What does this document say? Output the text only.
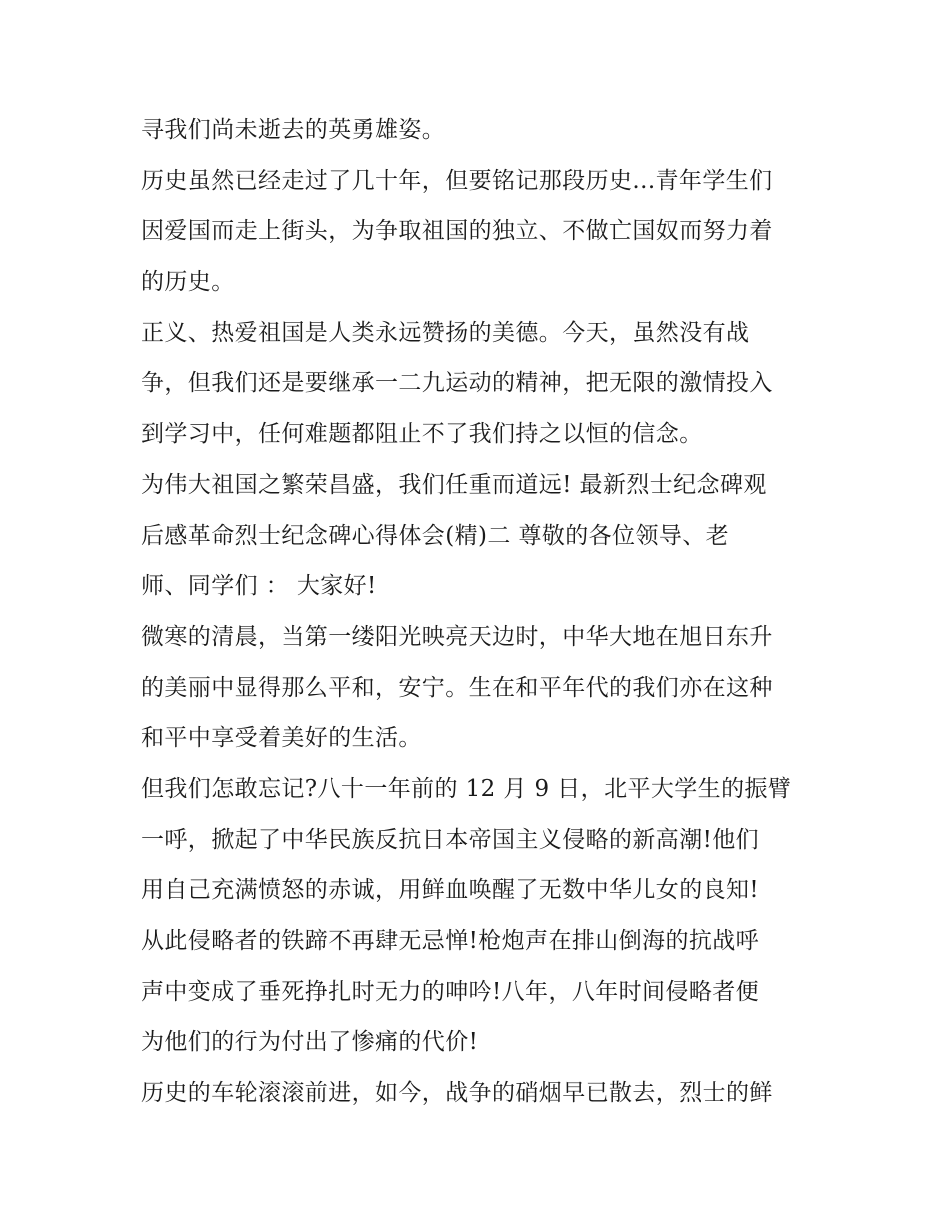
寻我们尚未逝去的英勇雄姿。
历史虽然已经走过了几十年，但要铭记那段历史...青年学生们
因爱国而走上街头，为争取祖国的独立、不做亡国奴而努力着
的历史。
正义、热爱祖国是人类永远赞扬的美德。今天，虽然没有战
争，但我们还是要继承一二九运动的精神，把无限的激情投入
到学习中，任何难题都阻止不了我们持之以恒的信念。
为伟大祖国之繁荣昌盛，我们任重而道远! 最新烈士纪念碑观
后感革命烈士纪念碑心得体会(精)二 尊敬的各位领导、老
师、同学们 ： 大家好!
微寒的清晨，当第一缕阳光映亮天边时，中华大地在旭日东升
的美丽中显得那么平和，安宁。生在和平年代的我们亦在这种
和平中享受着美好的生活。
但我们怎敢忘记?八十一年前的 12 月 9 日，北平大学生的振臂
一呼，掀起了中华民族反抗日本帝国主义侵略的新高潮!他们
用自己充满愤怒的赤诚，用鲜血唤醒了无数中华儿女的良知!
从此侵略者的铁蹄不再肆无忌惮!枪炮声在排山倒海的抗战呼
声中变成了垂死挣扎时无力的呻吟!八年，八年时间侵略者便
为他们的行为付出了惨痛的代价!
历史的车轮滚滚前进，如今，战争的硝烟早已散去，烈士的鲜
